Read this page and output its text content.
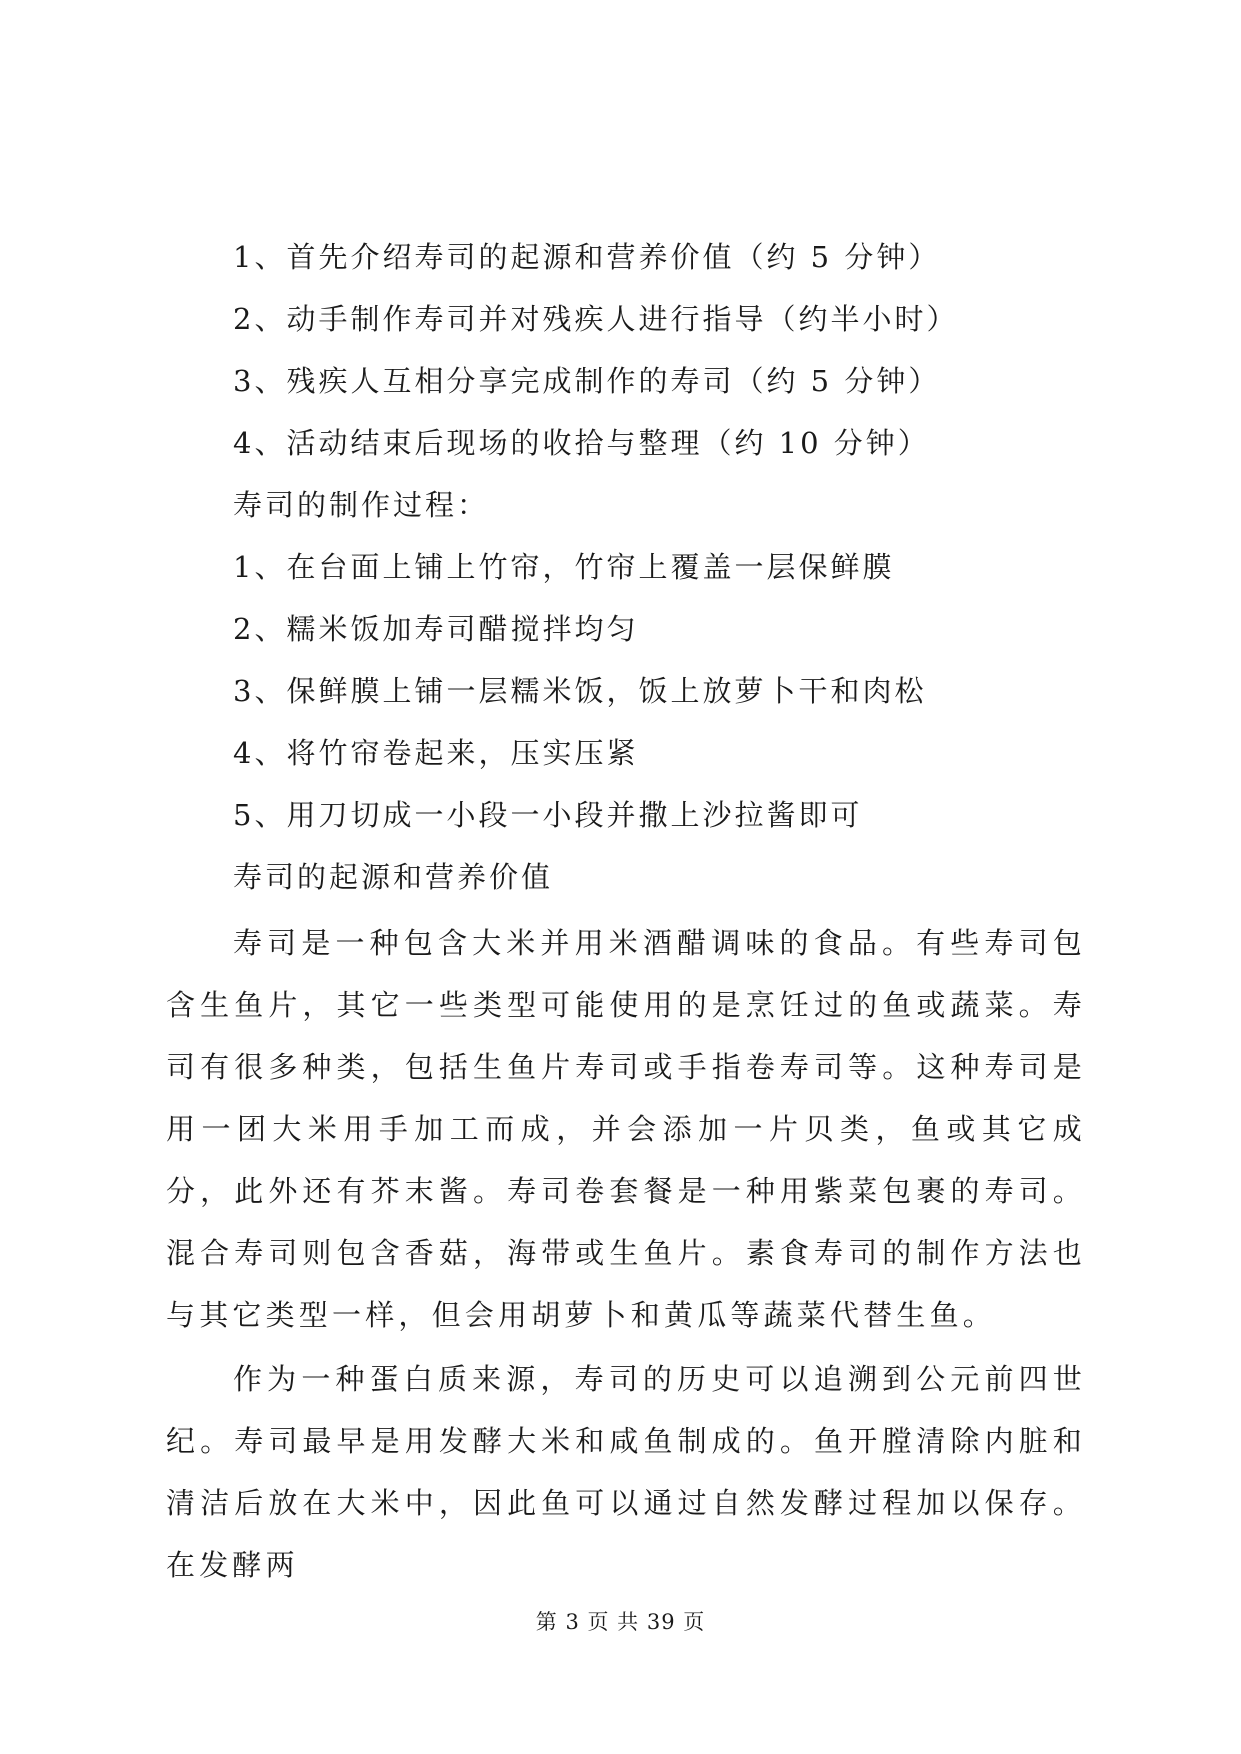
1、首先介绍寿司的起源和营养价值（约 5 分钟）
2、动手制作寿司并对残疾人进行指导（约半小时）
3、残疾人互相分享完成制作的寿司（约 5 分钟）
4、活动结束后现场的收拾与整理（约 10 分钟）
寿司的制作过程：
1、在台面上铺上竹帘，竹帘上覆盖一层保鲜膜
2、糯米饭加寿司醋搅拌均匀
3、保鲜膜上铺一层糯米饭，饭上放萝卜干和肉松
4、将竹帘卷起来，压实压紧
5、用刀切成一小段一小段并撒上沙拉酱即可
寿司的起源和营养价值

寿司是一种包含大米并用米酒醋调味的食品。有些寿司包含生鱼片，其它一些类型可能使用的是烹饪过的鱼或蔬菜。寿司有很多种类，包括生鱼片寿司或手指卷寿司等。这种寿司是用一团大米用手加工而成，并会添加一片贝类，鱼或其它成分，此外还有芥末酱。寿司卷套餐是一种用紫菜包裹的寿司。混合寿司则包含香菇，海带或生鱼片。素食寿司的制作方法也与其它类型一样，但会用胡萝卜和黄瓜等蔬菜代替生鱼。

作为一种蛋白质来源，寿司的历史可以追溯到公元前四世纪。寿司最早是用发酵大米和咸鱼制成的。鱼开膛清除内脏和清洁后放在大米中，因此鱼可以通过自然发酵过程加以保存。在发酵两

第 3 页 共 39 页
